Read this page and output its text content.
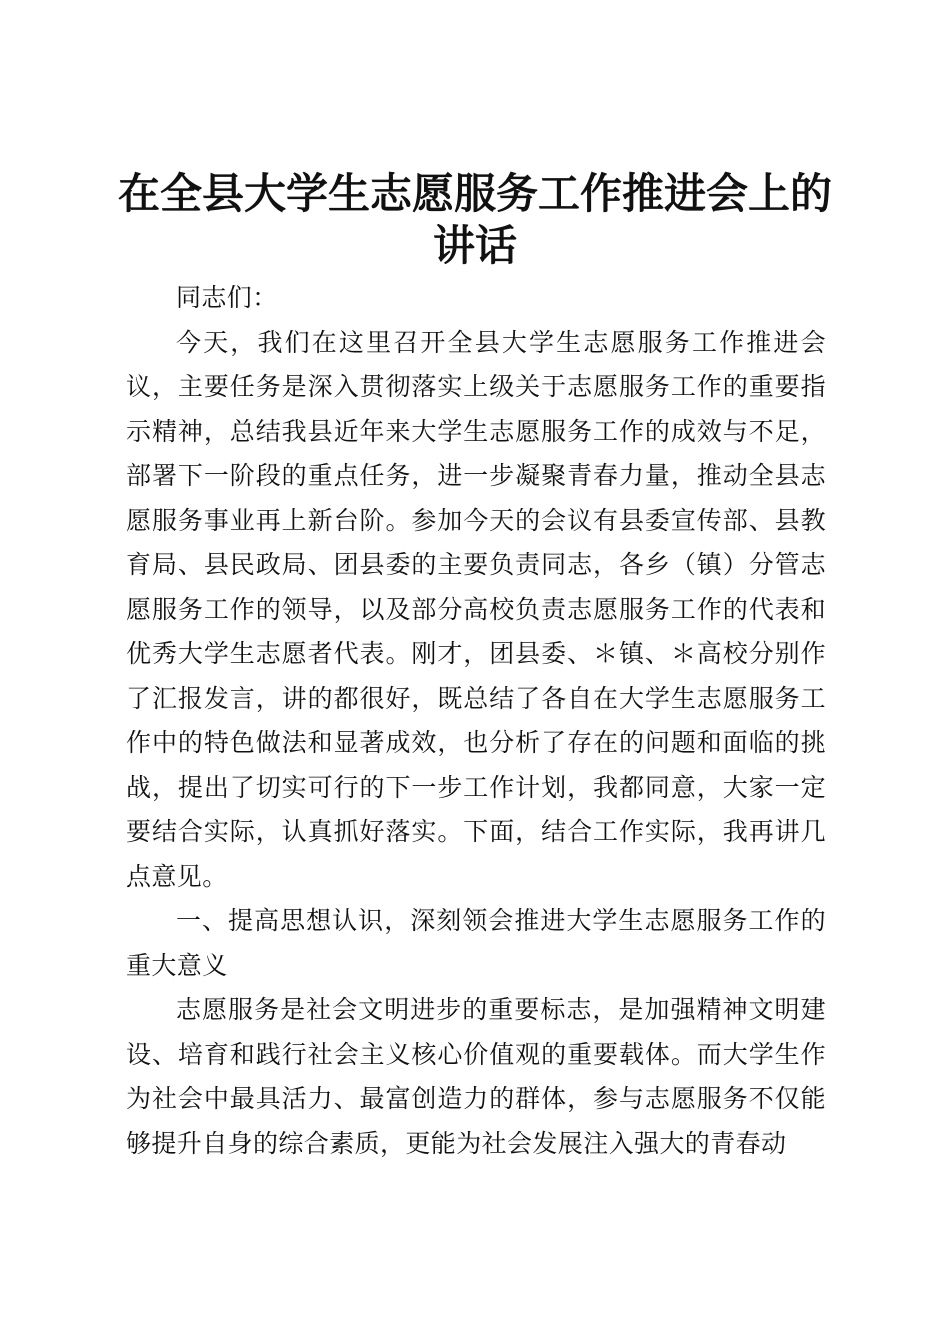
在全县大学生志愿服务工作推进会上的讲话

同志们：

今天，我们在这里召开全县大学生志愿服务工作推进会议，主要任务是深入贯彻落实上级关于志愿服务工作的重要指示精神，总结我县近年来大学生志愿服务工作的成效与不足，部署下一阶段的重点任务，进一步凝聚青春力量，推动全县志愿服务事业再上新台阶。参加今天的会议有县委宣传部、县教育局、县民政局、团县委的主要负责同志，各乡（镇）分管志愿服务工作的领导，以及部分高校负责志愿服务工作的代表和优秀大学生志愿者代表。刚才，团县委、＊镇、＊高校分别作了汇报发言，讲的都很好，既总结了各自在大学生志愿服务工作中的特色做法和显著成效，也分析了存在的问题和面临的挑战，提出了切实可行的下一步工作计划，我都同意，大家一定要结合实际，认真抓好落实。下面，结合工作实际，我再讲几点意见。

一、提高思想认识，深刻领会推进大学生志愿服务工作的重大意义

志愿服务是社会文明进步的重要标志，是加强精神文明建设、培育和践行社会主义核心价值观的重要载体。而大学生作为社会中最具活力、最富创造力的群体，参与志愿服务不仅能够提升自身的综合素质，更能为社会发展注入强大的青春动
